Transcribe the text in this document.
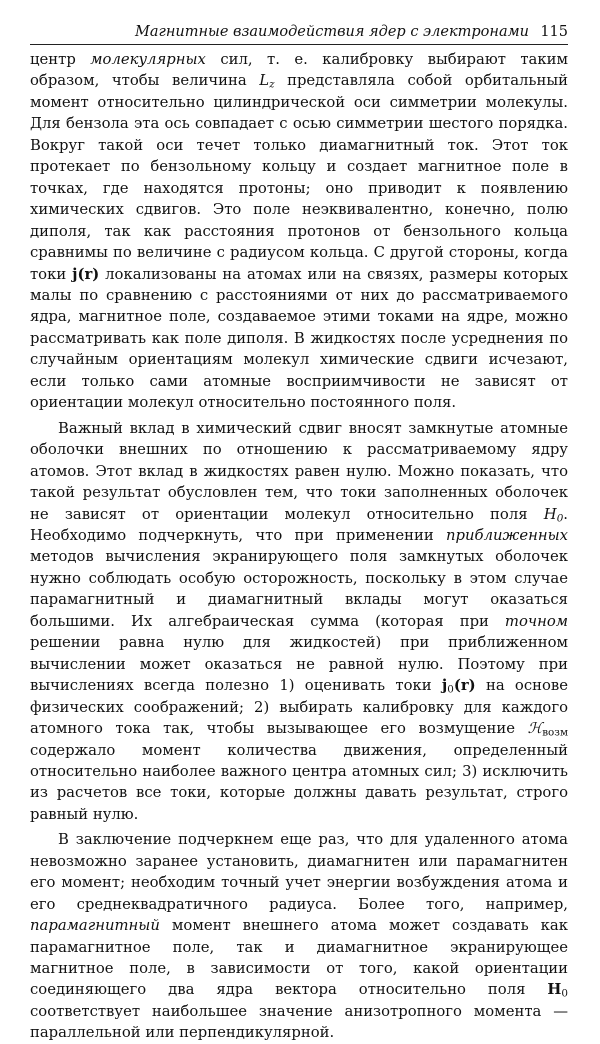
Магнитные взаимодействия ядер с электронами 115

центр молекулярных сил, т. е. калибровку выбирают таким образом, чтобы величина $L_z$ представляла собой орбитальный момент относительно цилиндрической оси симметрии молекулы. Для бензола эта ось совпадает с осью симметрии шестого порядка. Вокруг такой оси течет только диамагнитный ток. Этот ток протекает по бензольному кольцу и создает магнитное поле в точках, где находятся протоны; оно приводит к появлению химических сдвигов. Это поле неэквивалентно, конечно, полю диполя, так как расстояния протонов от бензольного кольца сравнимы по величине с радиусом кольца. С другой стороны, когда токи j(r) локализованы на атомах или на связях, размеры которых малы по сравнению с расстояниями от них до рассматриваемого ядра, магнитное поле, создаваемое этими токами на ядре, можно рассматривать как поле диполя. В жидкостях после усреднения по случайным ориентациям молекул химические сдвиги исчезают, если только сами атомные восприимчивости не зависят от ориентации молекул относительно постоянного поля.

Важный вклад в химический сдвиг вносят замкнутые атомные оболочки внешних по отношению к рассматриваемому ядру атомов. Этот вклад в жидкостях равен нулю. Можно показать, что такой результат обусловлен тем, что токи заполненных оболочек не зависят от ориентации молекул относительно поля $H_0$. Необходимо подчеркнуть, что при применении приближенных методов вычисления экранирующего поля замкнутых оболочек нужно соблюдать особую осторожность, поскольку в этом случае парамагнитный и диамагнитный вклады могут оказаться большими. Их алгебраическая сумма (которая при точном решении равна нулю для жидкостей) при приближенном вычислении может оказаться не равной нулю. Поэтому при вычислениях всегда полезно 1) оценивать токи $j_0(r)$ на основе физических соображений; 2) выбирать калибровку для каждого атомного тока так, чтобы вызывающее его возмущение ℋ$_{возм}$ содержало момент количества движения, определенный относительно наиболее важного центра атомных сил; 3) исключить из расчетов все токи, которые должны давать результат, строго равный нулю.

В заключение подчеркнем еще раз, что для удаленного атома невозможно заранее установить, диамагнитен или парамагнитен его момент; необходим точный учет энергии возбуждения атома и его среднеквадратичного радиуса. Более того, например, парамагнитный момент внешнего атома может создавать как парамагнитное поле, так и диамагнитное экранирующее магнитное поле, в зависимости от того, какой ориентации соединяющего два ядра вектора относительно поля $H_0$ соответствует наибольшее значение анизотропного момента — параллельной или перпендикулярной.
